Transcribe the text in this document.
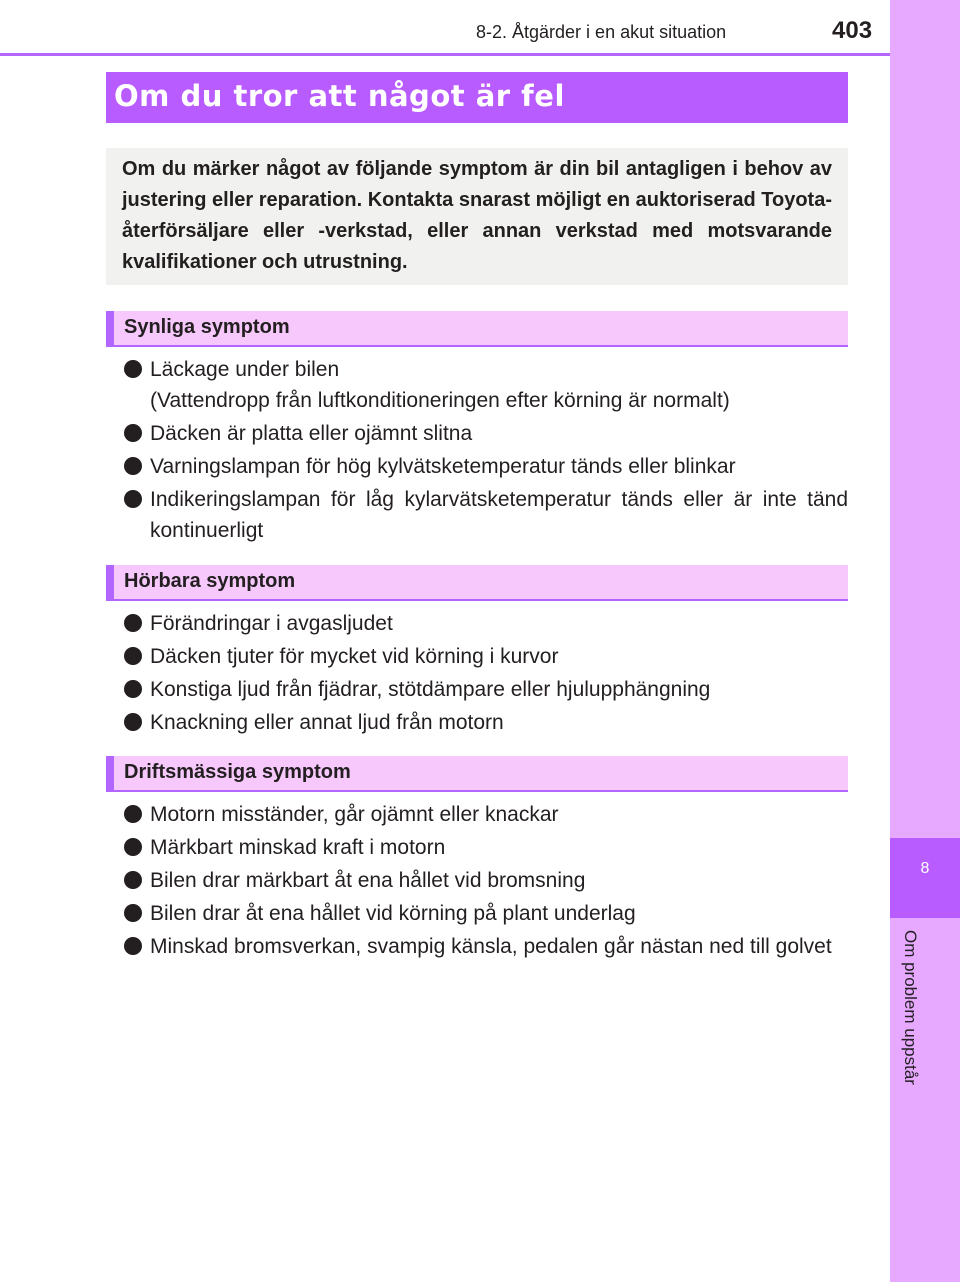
8-2. Åtgärder i en akut situation	403
8
Om problem uppstår
Om du tror att något är fel

Om du märker något av följande symptom är din bil antagligen i behov av justering eller reparation. Kontakta snarast möjligt en auktoriserad Toyota-återförsäljare eller -verkstad, eller annan verkstad med motsvarande kvalifikationer och utrustning.

Synliga symptom
Läckage under bilen
(Vattendropp från luftkonditioneringen efter körning är normalt)
Däcken är platta eller ojämnt slitna
Varningslampan för hög kylvätsketemperatur tänds eller blinkar
Indikeringslampan för låg kylarvätsketemperatur tänds eller är inte tänd kontinuerligt
Hörbara symptom
Förändringar i avgasljudet
Däcken tjuter för mycket vid körning i kurvor
Konstiga ljud från fjädrar, stötdämpare eller hjulupphängning
Knackning eller annat ljud från motorn
Driftsmässiga symptom
Motorn misständer, går ojämnt eller knackar
Märkbart minskad kraft i motorn
Bilen drar märkbart åt ena hållet vid bromsning
Bilen drar åt ena hållet vid körning på plant underlag
Minskad bromsverkan, svampig känsla, pedalen går nästan ned till golvet
